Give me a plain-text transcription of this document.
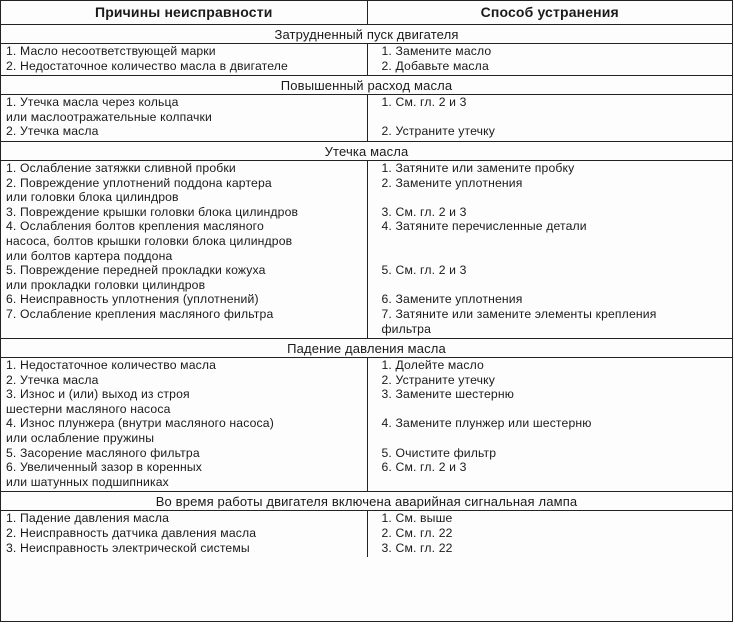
Причины неисправности	Способ устранения
Затрудненный пуск двигателя	
1. Масло несоответствующей марки	1. Замените масло
2. Недостаточное количество масла в двигателе	2. Добавьте масла
Повышенный расход масла	
1. Утечка масла через кольца
или маслоотражательные колпачки	1. См. гл. 2 и 3
2. Утечка масла	2. Устраните утечку
Утечка масла	
1. Ослабление затяжки сливной пробки	1. Затяните или замените пробку
2. Повреждение уплотнений поддона картера
или головки блока цилиндров	2. Замените уплотнения
3. Повреждение крышки головки блока цилиндров	3. См. гл. 2 и 3
4. Ослабления болтов крепления масляного
насоса, болтов крышки головки блока цилиндров
или болтов картера поддона	4. Затяните перечисленные детали
5. Повреждение передней прокладки кожуха
или прокладки головки цилиндров	5. См. гл. 2 и 3
6. Неисправность уплотнения (уплотнений)	6. Замените уплотнения
7. Ослабление крепления масляного фильтра	7. Затяните или замените элементы крепления
фильтра
Падение давления масла	
1. Недостаточное количество масла	1. Долейте масло
2. Утечка масла	2. Устраните утечку
3. Износ и (или) выход из строя
шестерни масляного насоса	3. Замените шестерню
4. Износ плунжера (внутри масляного насоса)
или ослабление пружины	4. Замените плунжер или шестерню
5. Засорение масляного фильтра	5. Очистите фильтр
6. Увеличенный зазор в коренных
или шатунных подшипниках	6. См. гл. 2 и 3
Во время работы двигателя включена аварийная сигнальная лампа	
1. Падение давления масла	1. См. выше
2. Неисправность датчика давления масла	2. См. гл. 22
3. Неисправность электрической системы	3. См. гл. 22
